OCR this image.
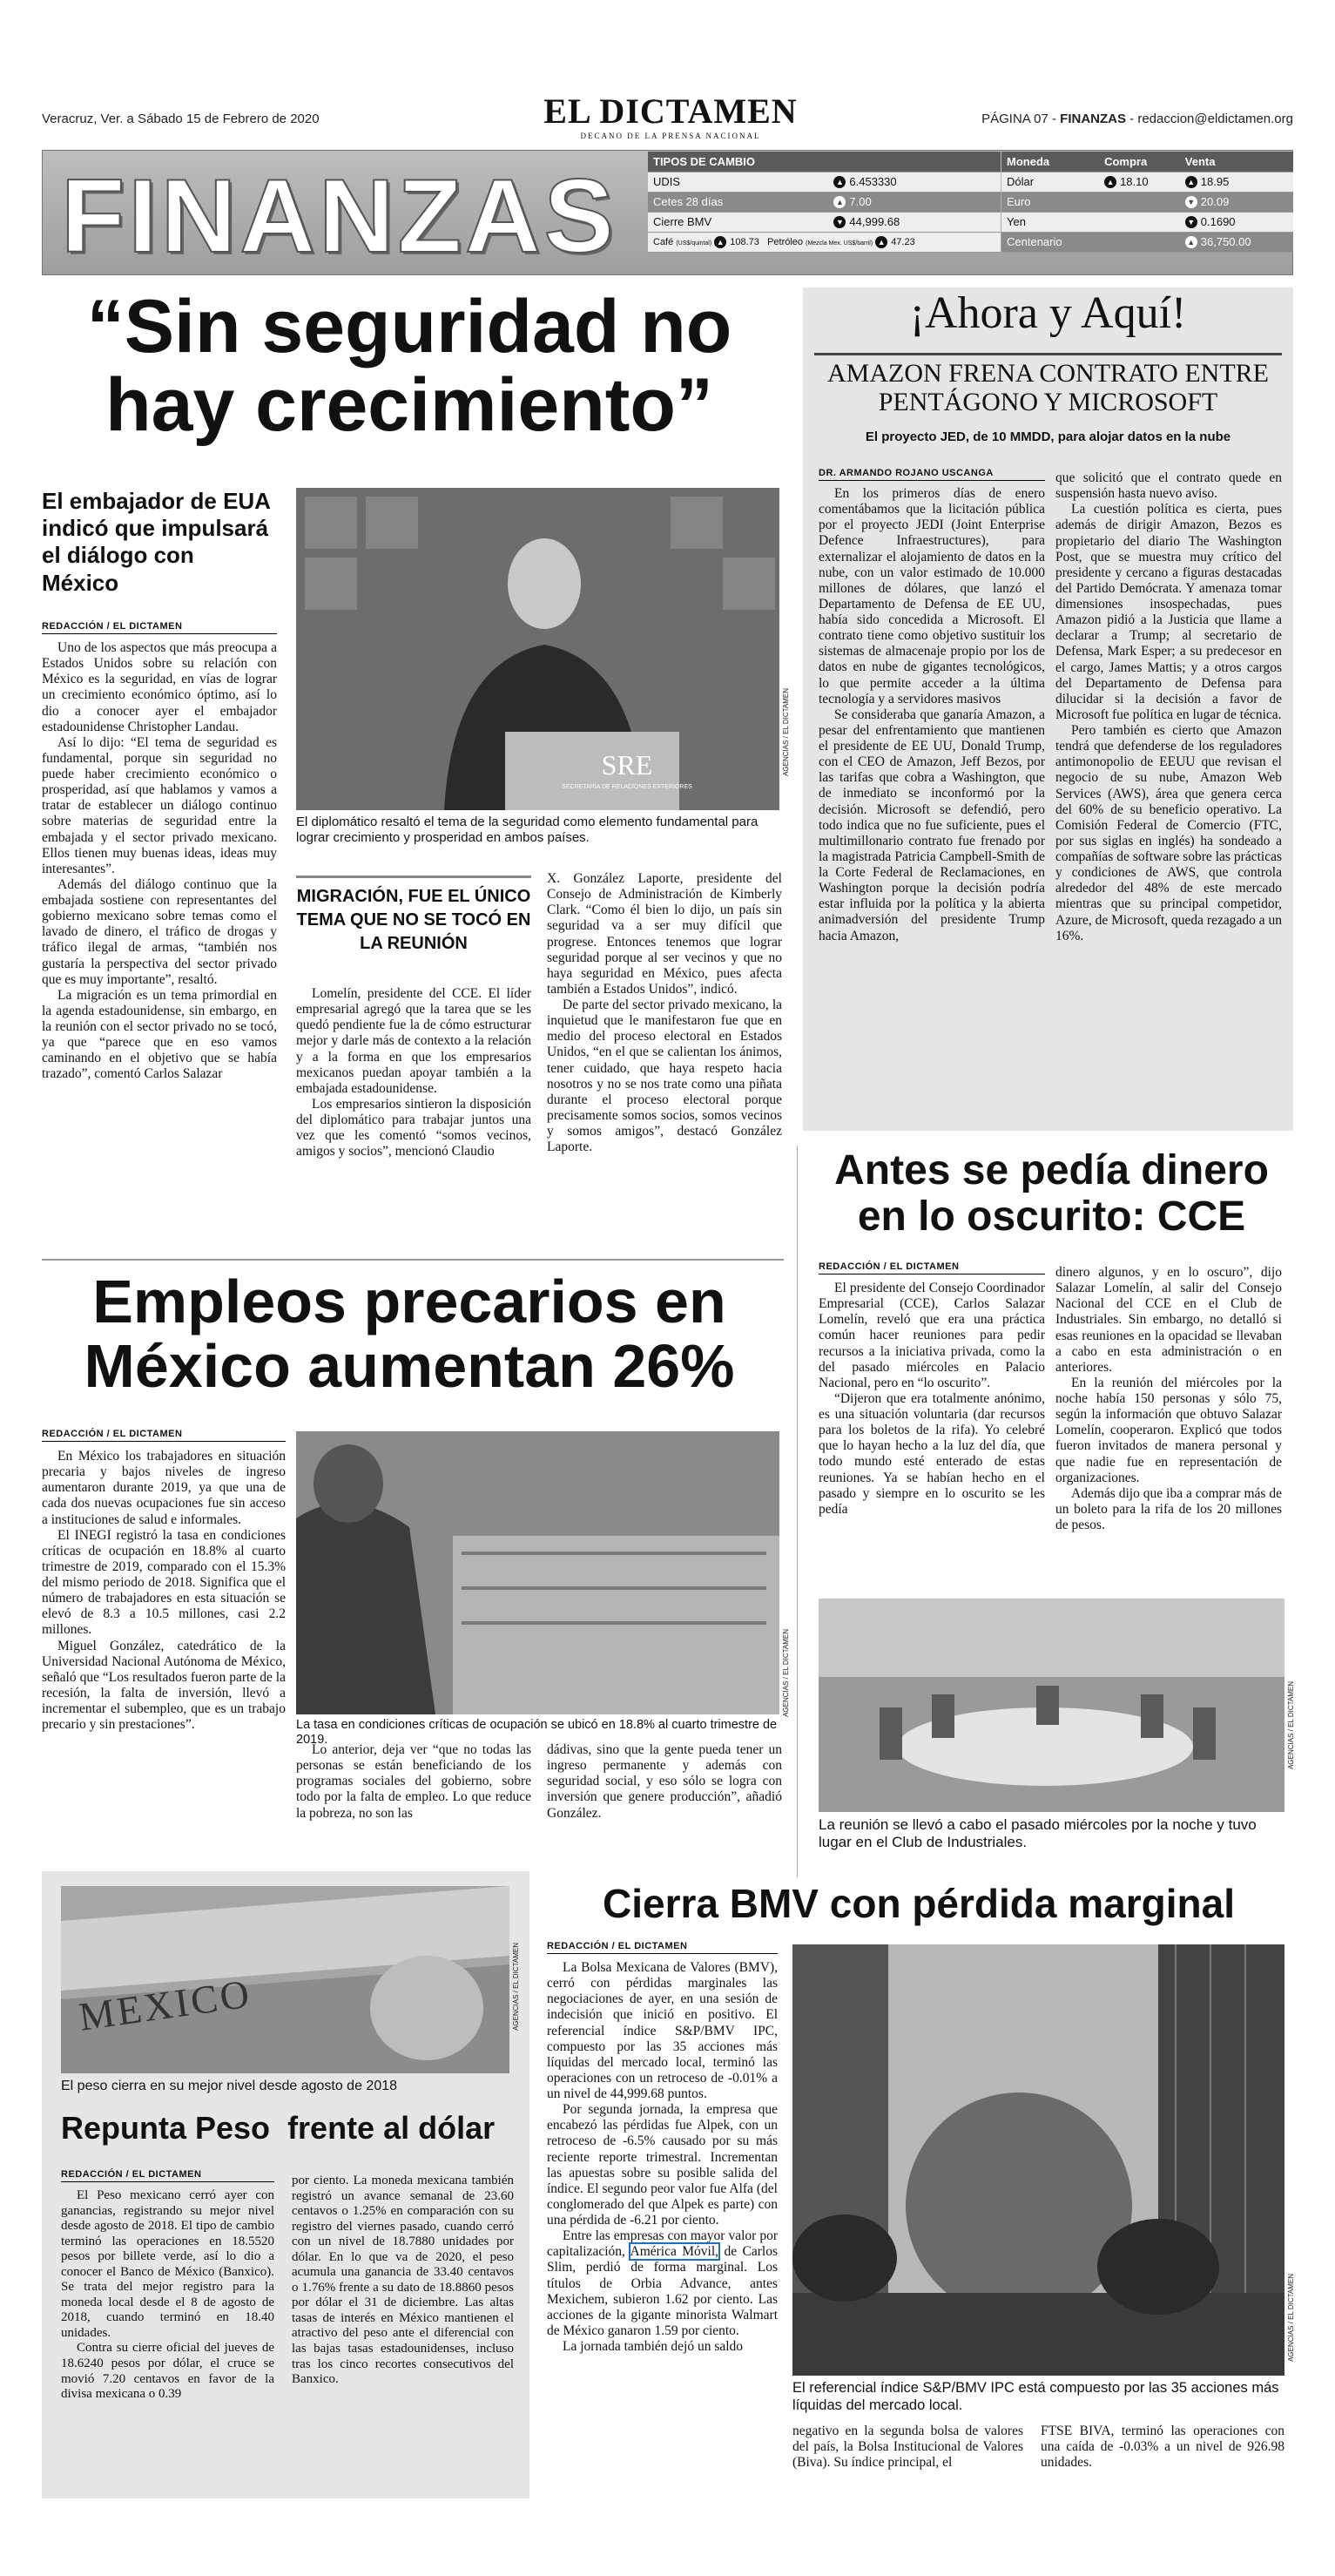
Veracruz, Ver. a Sábado 15 de Febrero de 2020	EL DICTAMEN
DECANO DE LA PRENSA NACIONAL
PÁGINA 07 - FINANZAS - redaccion@eldictamen.org
FINANZAS	TIPOS DE CAMBIO	
UDIS	▲ 6.453330
Cetes 28 días	▲ 7.00
Cierre BMV	▼ 44,999.68
Café (US$/quintal) ▲ 108.73 Petróleo (Mezcla Mex. US$/barril) ▲ 47.23	
Moneda	Compra	Venta
Dólar	▲ 18.10	▲ 18.95
Euro		▼ 20.09
Yen		▼ 0.1690
Centenario		▲ 36,750.00
“Sin seguridad no hay crecimiento”
El embajador de EUA indicó que impulsará el diálogo con México
REDACCIÓN / EL DICTAMEN

Uno de los aspectos que más preocupa a Estados Unidos sobre su relación con México es la seguridad, en vías de lograr un crecimiento económico óptimo, así lo dio a conocer ayer el embajador estadounidense Christopher Landau.

Así lo dijo: “El tema de seguridad es fundamental, porque sin seguridad no puede haber crecimiento económico o prosperidad, así que hablamos y vamos a tratar de establecer un diálogo continuo sobre materias de seguridad entre la embajada y el sector privado mexicano. Ellos tienen muy buenas ideas, ideas muy interesantes”.

Además del diálogo continuo que la embajada sostiene con representantes del gobierno mexicano sobre temas como el lavado de dinero, el tráfico de drogas y tráfico ilegal de armas, “también nos gustaría la perspectiva del sector privado que es muy importante”, resaltó.

La migración es un tema primordial en la agenda estadounidense, sin embargo, en la reunión con el sector privado no se tocó, ya que “parece que en eso vamos caminando en el objetivo que se había trazado”, comentó Carlos Salazar

SRE
SECRETARÍA DE RELACIONES EXTERIORES
AGENCIAS / EL DICTAMEN
El diplomático resaltó el tema de la seguridad como elemento fundamental para lograr crecimiento y prosperidad en ambos países.
MIGRACIÓN, FUE EL ÚNICO TEMA QUE NO SE TOCÓ EN LA REUNIÓN

Lomelín, presidente del CCE. El líder empresarial agregó que la tarea que se les quedó pendiente fue la de cómo estructurar mejor y darle más de contexto a la relación y a la forma en que los empresarios mexicanos puedan apoyar también a la embajada estadounidense.

Los empresarios sintieron la disposición del diplomático para trabajar juntos una vez que les comentó “somos vecinos, amigos y socios”, mencionó Claudio

X. González Laporte, presidente del Consejo de Administración de Kimberly Clark. “Como él bien lo dijo, un país sin seguridad va a ser muy difícil que progrese. Entonces tenemos que lograr seguridad porque al ser vecinos y que no haya seguridad en México, pues afecta también a Estados Unidos”, indicó.

De parte del sector privado mexicano, la inquietud que le manifestaron fue que en medio del proceso electoral en Estados Unidos, “en el que se calientan los ánimos, tener cuidado, que haya respeto hacia nosotros y no se nos trate como una piñata durante el proceso electoral porque precisamente somos socios, somos vecinos y somos amigos”, destacó González Laporte.

¡Ahora y Aquí!
AMAZON FRENA CONTRATO ENTRE PENTÁGONO Y MICROSOFT
El proyecto JED, de 10 MMDD, para alojar datos en la nube
DR. ARMANDO ROJANO USCANGA

En los primeros días de enero comentábamos que la licitación pública por el proyecto JEDI (Joint Enterprise Defence Infraestructures), para externalizar el alojamiento de datos en la nube, con un valor estimado de 10.000 millones de dólares, que lanzó el Departamento de Defensa de EE UU, había sido concedida a Microsoft. El contrato tiene como objetivo sustituir los sistemas de almacenaje propio por los de datos en nube de gigantes tecnológicos, lo que permite acceder a la última tecnología y a servidores masivos

Se consideraba que ganaría Amazon, a pesar del enfrentamiento que mantienen el presidente de EE UU, Donald Trump, con el CEO de Amazon, Jeff Bezos, por las tarifas que cobra a Washington, que de inmediato se inconformó por la decisión. Microsoft se defendió, pero todo indica que no fue suficiente, pues el multimillonario contrato fue frenado por la magistrada Patricia Campbell-Smith de la Corte Federal de Reclamaciones, en Washington porque la decisión podría estar influida por la política y la abierta animadversión del presidente Trump hacia Amazon,

que solicitó que el contrato quede en suspensión hasta nuevo aviso.

La cuestión política es cierta, pues además de dirigir Amazon, Bezos es propietario del diario The Washington Post, que se muestra muy crítico del presidente y cercano a figuras destacadas del Partido Demócrata. Y amenaza tomar dimensiones insospechadas, pues Amazon pidió a la Justicia que llame a declarar a Trump; al secretario de Defensa, Mark Esper; a su predecesor en el cargo, James Mattis; y a otros cargos del Departamento de Defensa para dilucidar si la decisión a favor de Microsoft fue política en lugar de técnica.

Pero también es cierto que Amazon tendrá que defenderse de los reguladores antimonopolio de EEUU que revisan el negocio de su nube, Amazon Web Services (AWS), área que genera cerca del 60% de su beneficio operativo. La Comisión Federal de Comercio (FTC, por sus siglas en inglés) ha sondeado a compañías de software sobre las prácticas y condiciones de AWS, que controla alrededor del 48% de este mercado mientras que su principal competidor, Azure, de Microsoft, queda rezagado a un 16%.

Antes se pedía dinero en lo oscurito: CCE
REDACCIÓN / EL DICTAMEN

El presidente del Consejo Coordinador Empresarial (CCE), Carlos Salazar Lomelín, reveló que era una práctica común hacer reuniones para pedir recursos a la iniciativa privada, como la del pasado miércoles en Palacio Nacional, pero en “lo oscurito”.

“Dijeron que era totalmente anónimo, es una situación voluntaria (dar recursos para los boletos de la rifa). Yo celebré que lo hayan hecho a la luz del día, que todo mundo esté enterado de estas reuniones. Ya se habían hecho en el pasado y siempre en lo oscurito se les pedía

dinero algunos, y en lo oscuro”, dijo Salazar Lomelín, al salir del Consejo Nacional del CCE en el Club de Industriales. Sin embargo, no detalló si esas reuniones en la opacidad se llevaban a cabo en esta administración o en anteriores.

En la reunión del miércoles por la noche había 150 personas y sólo 75, según la información que obtuvo Salazar Lomelín, cooperaron. Explicó que todos fueron invitados de manera personal y que nadie fue en representación de organizaciones.

Además dijo que iba a comprar más de un boleto para la rifa de los 20 millones de pesos.

AGENCIAS / EL DICTAMEN
La reunión se llevó a cabo el pasado miércoles por la noche y tuvo lugar en el Club de Industriales.
Empleos precarios en México aumentan 26%
REDACCIÓN / EL DICTAMEN

En México los trabajadores en situación precaria y bajos niveles de ingreso aumentaron durante 2019, ya que una de cada dos nuevas ocupaciones fue sin acceso a instituciones de salud e informales.

El INEGI registró la tasa en condiciones críticas de ocupación en 18.8% al cuarto trimestre de 2019, comparado con el 15.3% del mismo periodo de 2018. Significa que el número de trabajadores en esta situación se elevó de 8.3 a 10.5 millones, casi 2.2 millones.

Miguel González, catedrático de la Universidad Nacional Autónoma de México, señaló que “Los resultados fueron parte de la recesión, la falta de inversión, llevó a incrementar el subempleo, que es un trabajo precario y sin prestaciones”.

AGENCIAS / EL DICTAMEN
La tasa en condiciones críticas de ocupación se ubicó en 18.8% al cuarto trimestre de 2019.

Lo anterior, deja ver “que no todas las personas se están beneficiando de los programas sociales del gobierno, sobre todo por la falta de empleo. Lo que reduce la pobreza, no son las

dádivas, sino que la gente pueda tener un ingreso permanente y además con seguridad social, y eso sólo se logra con inversión que genere producción”, añadió González.

MEXICO	AGENCIAS / EL DICTAMEN
El peso cierra en su mejor nivel desde agosto de 2018
Repunta Peso frente al dólar
REDACCIÓN / EL DICTAMEN

El Peso mexicano cerró ayer con ganancias, registrando su mejor nivel desde agosto de 2018. El tipo de cambio terminó las operaciones en 18.5520 pesos por billete verde, así lo dio a conocer el Banco de México (Banxico). Se trata del mejor registro para la moneda local desde el 8 de agosto de 2018, cuando terminó en 18.40 unidades.

Contra su cierre oficial del jueves de 18.6240 pesos por dólar, el cruce se movió 7.20 centavos en favor de la divisa mexicana o 0.39

por ciento. La moneda mexicana también registró un avance semanal de 23.60 centavos o 1.25% en comparación con su registro del viernes pasado, cuando cerró con un nivel de 18.7880 unidades por dólar. En lo que va de 2020, el peso acumula una ganancia de 33.40 centavos o 1.76% frente a su dato de 18.8860 pesos por dólar el 31 de diciembre. Las altas tasas de interés en México mantienen el atractivo del peso ante el diferencial con las bajas tasas estadounidenses, incluso tras los cinco recortes consecutivos del Banxico.

Cierra BMV con pérdida marginal
REDACCIÓN / EL DICTAMEN

La Bolsa Mexicana de Valores (BMV), cerró con pérdidas marginales las negociaciones de ayer, en una sesión de indecisión que inició en positivo. El referencial índice S&P/BMV IPC, compuesto por las 35 acciones más líquidas del mercado local, terminó las operaciones con un retroceso de -0.01% a un nivel de 44,999.68 puntos.

Por segunda jornada, la empresa que encabezó las pérdidas fue Alpek, con un retroceso de -6.5% causado por su más reciente reporte trimestral. Incrementan las apuestas sobre su posible salida del índice. El segundo peor valor fue Alfa (del conglomerado del que Alpek es parte) con una pérdida de -6.21 por ciento.

Entre las empresas con mayor valor por capitalización, América Móvil, de Carlos Slim, perdió de forma marginal. Los títulos de Orbia Advance, antes Mexichem, subieron 1.62 por ciento. Las acciones de la gigante minorista Walmart de México ganaron 1.59 por ciento.

La jornada también dejó un saldo	AGENCIAS / EL DICTAMEN
El referencial índice S&P/BMV IPC está compuesto por las 35 acciones más líquidas del mercado local.

negativo en la segunda bolsa de valores del país, la Bolsa Institucional de Valores (Biva). Su índice principal, el

FTSE BIVA, terminó las operaciones con una caída de -0.03% a un nivel de 926.98 unidades.
